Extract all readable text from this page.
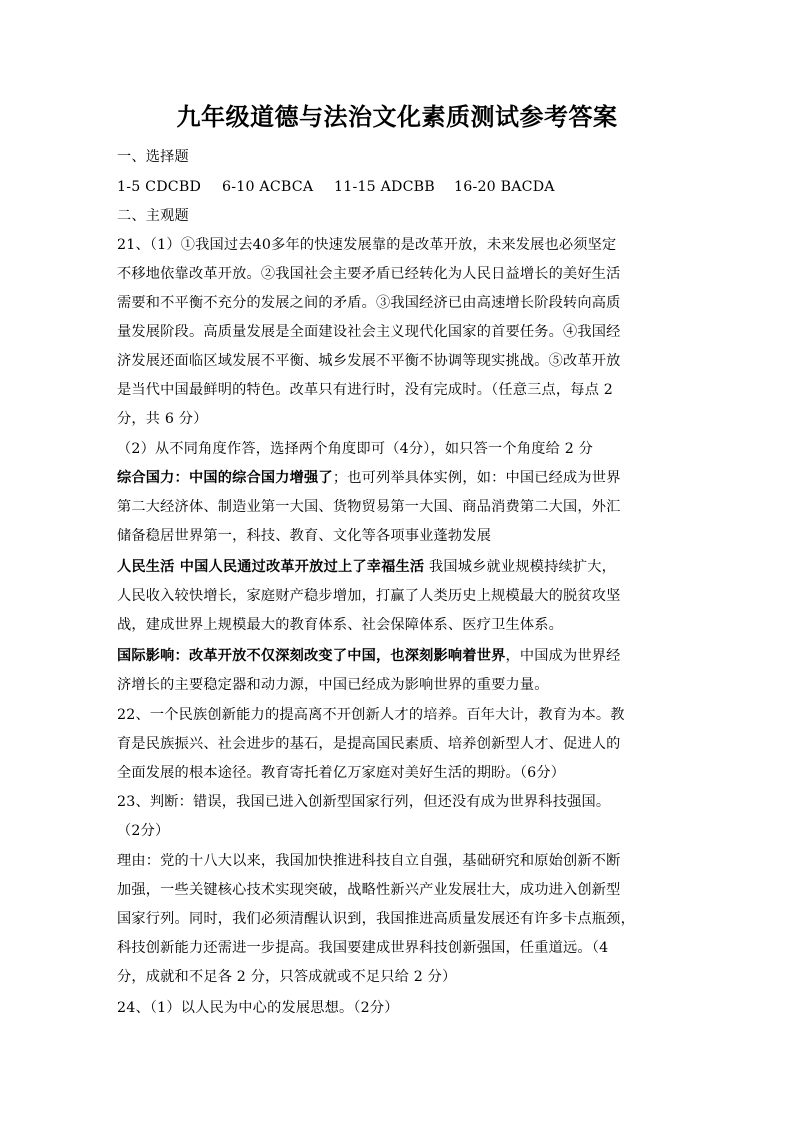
九年级道德与法治文化素质测试参考答案
一、选择题
1-5 CDCBD 6-10 ACBCA 11-15 ADCBB 16-20 BACDA
二、主观题
21、（1）①我国过去40多年的快速发展靠的是改革开放，未来发展也必须坚定
不移地依靠改革开放。②我国社会主要矛盾已经转化为人民日益增长的美好生活
需要和不平衡不充分的发展之间的矛盾。③我国经济已由高速增长阶段转向高质
量发展阶段。高质量发展是全面建设社会主义现代化国家的首要任务。④我国经
济发展还面临区域发展不平衡、城乡发展不平衡不协调等现实挑战。⑤改革开放
是当代中国最鲜明的特色。改革只有进行时，没有完成时。（任意三点，每点 2
分，共 6 分）
（2）从不同角度作答，选择两个角度即可（4分），如只答一个角度给 2 分
综合国力：中国的综合国力增强了；也可列举具体实例，如：中国已经成为世界
第二大经济体、制造业第一大国、货物贸易第一大国、商品消费第二大国，外汇
储备稳居世界第一，科技、教育、文化等各项事业蓬勃发展
人民生活 中国人民通过改革开放过上了幸福生活 我国城乡就业规模持续扩大，
人民收入较快增长，家庭财产稳步增加，打赢了人类历史上规模最大的脱贫攻坚
战，建成世界上规模最大的教育体系、社会保障体系、医疗卫生体系。
国际影响：改革开放不仅深刻改变了中国，也深刻影响着世界，中国成为世界经
济增长的主要稳定器和动力源，中国已经成为影响世界的重要力量。
22、一个民族创新能力的提高离不开创新人才的培养。百年大计，教育为本。教
育是民族振兴、社会进步的基石，是提高国民素质、培养创新型人才、促进人的
全面发展的根本途径。教育寄托着亿万家庭对美好生活的期盼。（6分）
23、判断：错误，我国已进入创新型国家行列，但还没有成为世界科技强国。
（2分）
理由：党的十八大以来，我国加快推进科技自立自强，基础研究和原始创新不断
加强，一些关键核心技术实现突破，战略性新兴产业发展壮大，成功进入创新型
国家行列。同时，我们必须清醒认识到，我国推进高质量发展还有许多卡点瓶颈，
科技创新能力还需进一步提高。我国要建成世界科技创新强国，任重道远。（4
分，成就和不足各 2 分，只答成就或不足只给 2 分）
24、（1）以人民为中心的发展思想。（2分）
